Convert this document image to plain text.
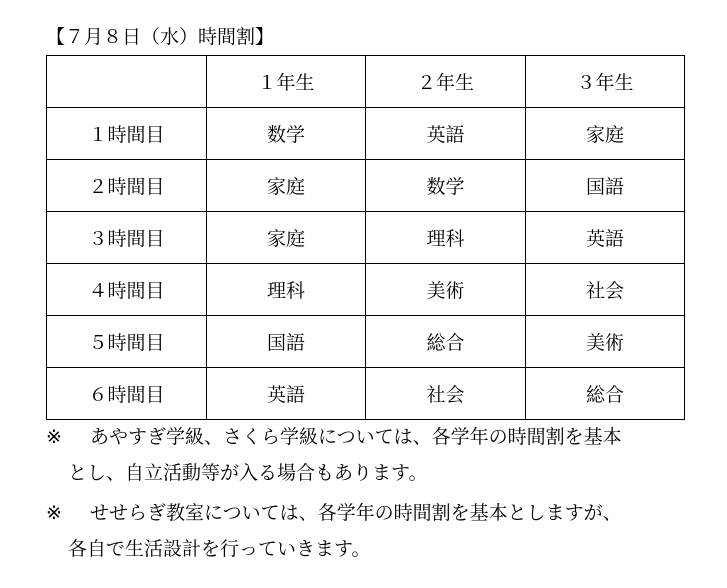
【７月８日（水）時間割】
	１年生	２年生	３年生
１時間目	数学	英語	家庭
２時間目	家庭	数学	国語
３時間目	家庭	理科	英語
４時間目	理科	美術	社会
５時間目	国語	総合	美術
６時間目	英語	社会	総合
※ あやすぎ学級、さくら学級については、各学年の時間割を基本
とし、自立活動等が入る場合もあります。
※ せせらぎ教室については、各学年の時間割を基本としますが、
各自で生活設計を行っていきます。
